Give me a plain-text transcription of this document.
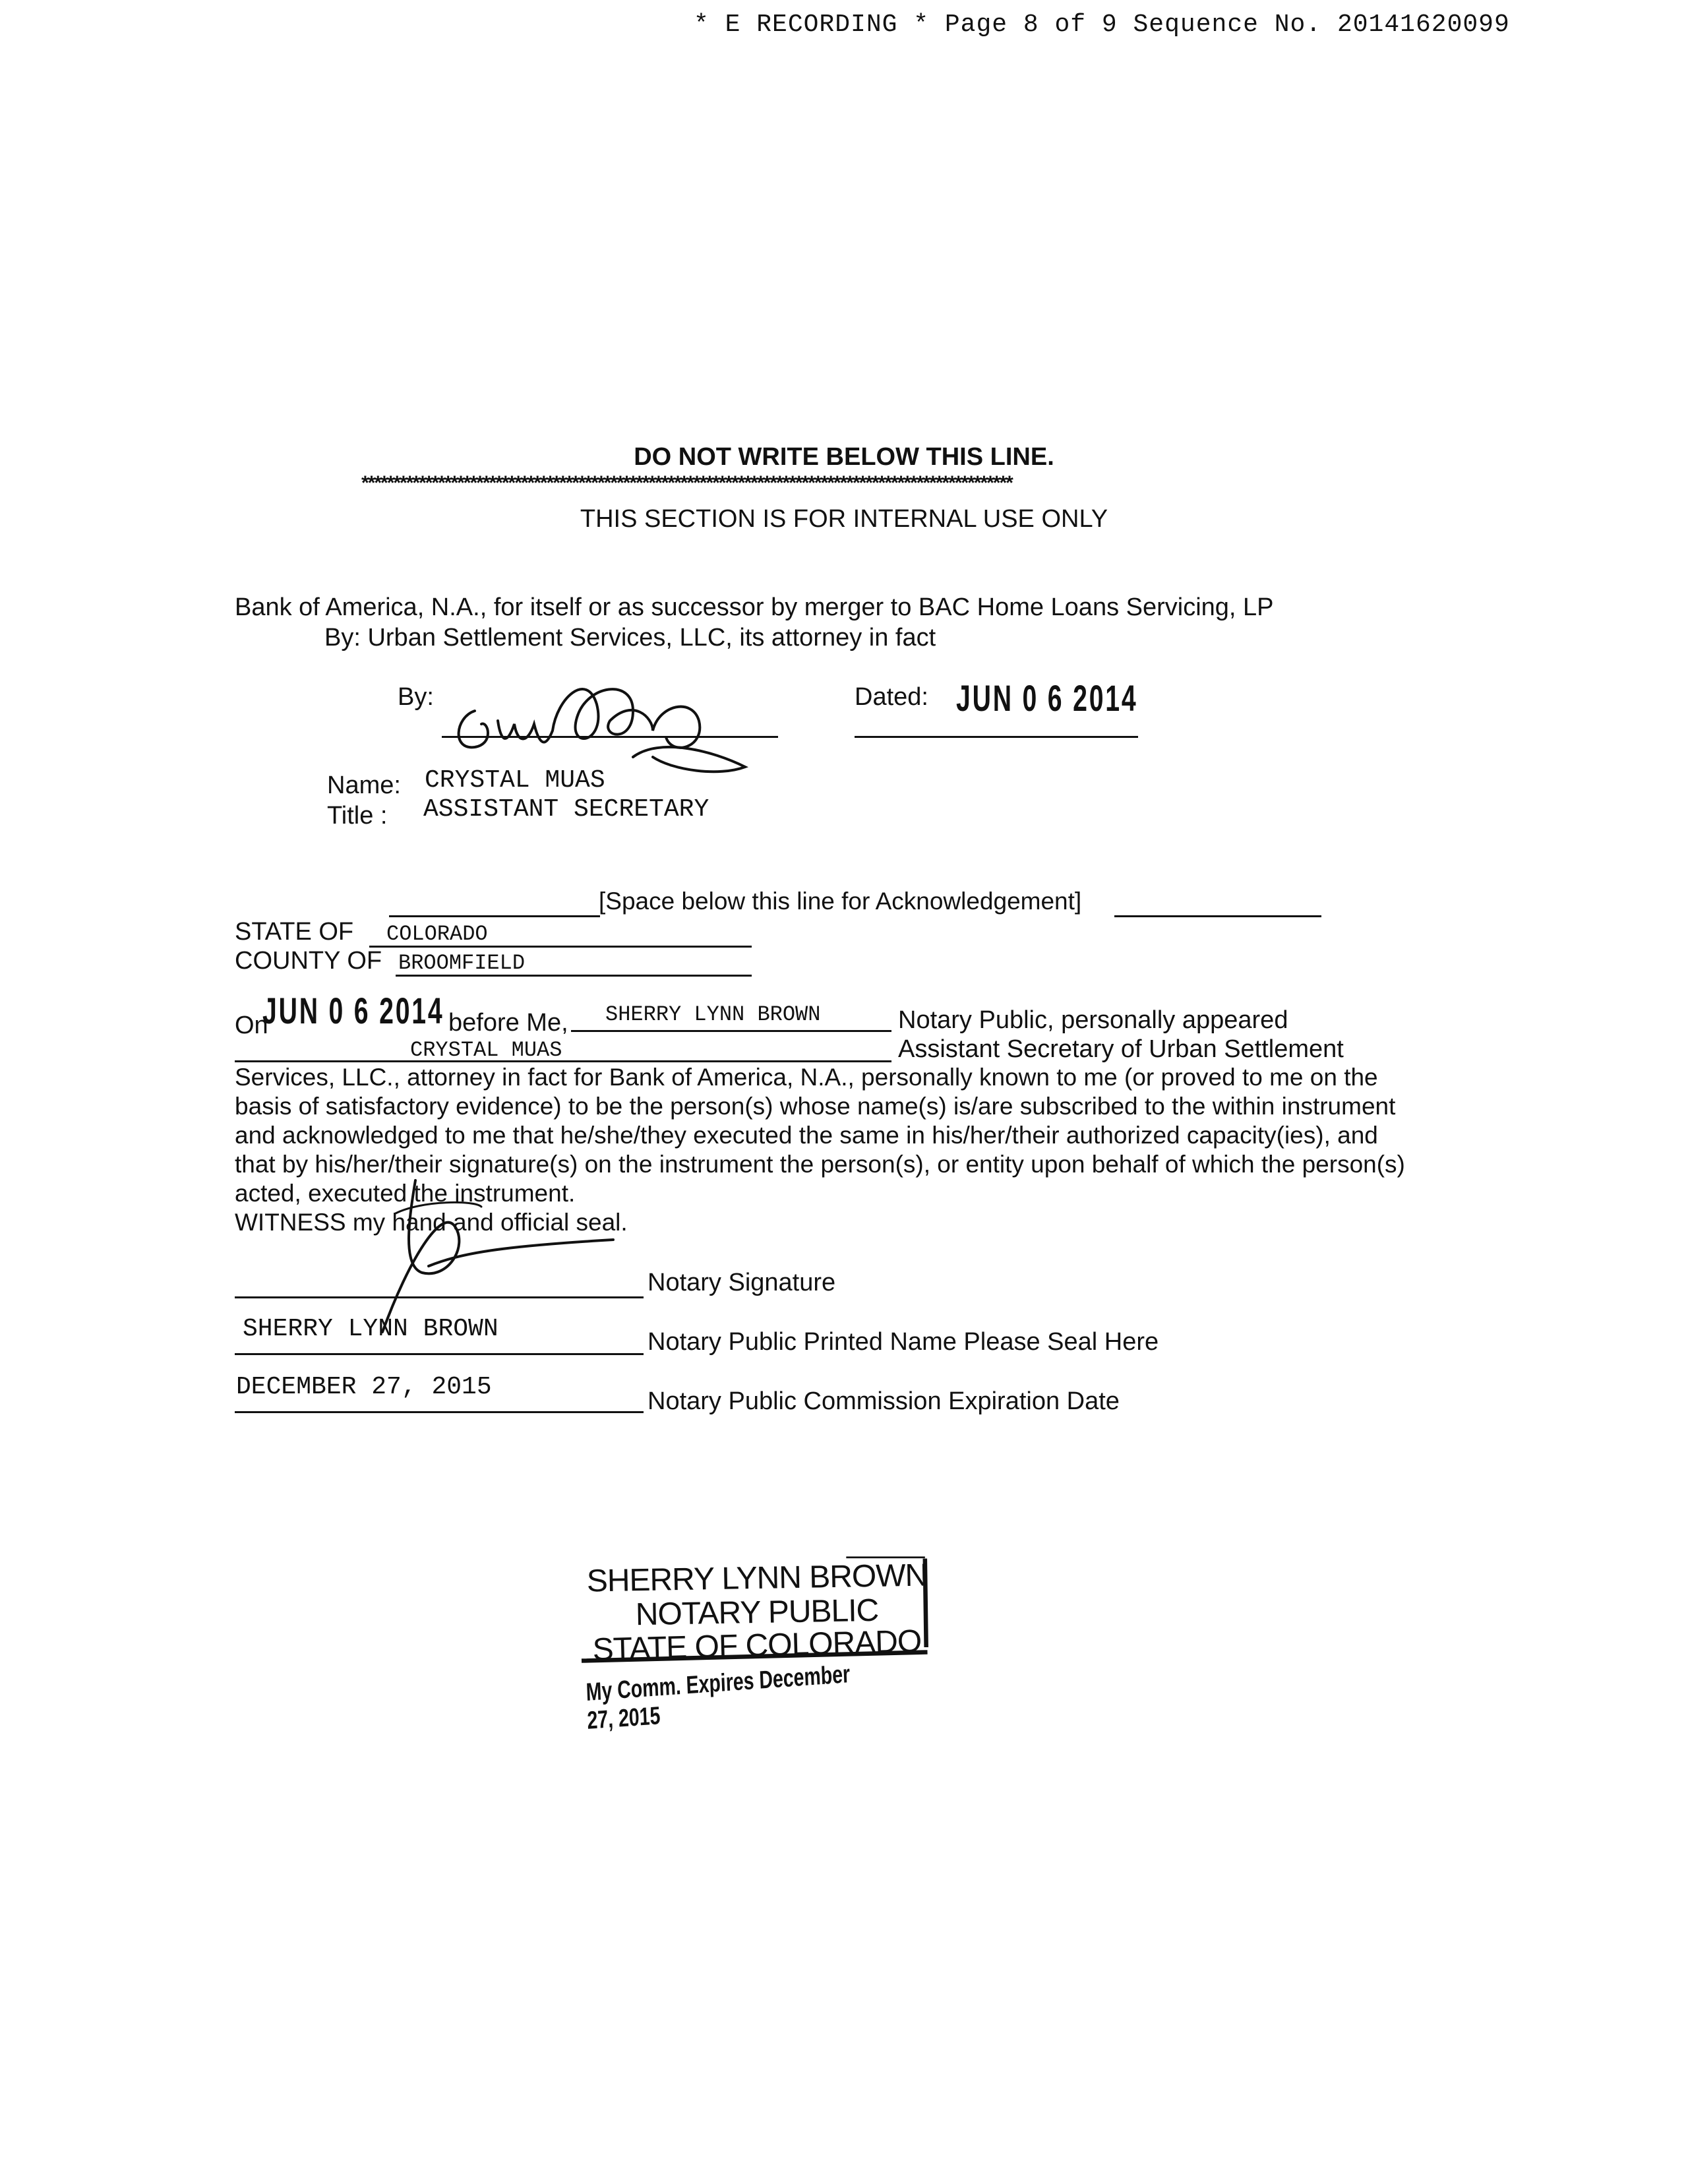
* E RECORDING * Page 8 of 9 Sequence No. 20141620099
DO NOT WRITE BELOW THIS LINE.
******************************************************************************************************
THIS SECTION IS FOR INTERNAL USE ONLY
Bank of America, N.A., for itself or as successor by merger to BAC Home Loans Servicing, LP
By: Urban Settlement Services, LLC, its attorney in fact
By:	Dated: JUN 0 6 2014
Name: CRYSTAL MUAS
Title : ASSISTANT SECRETARY
[Space below this line for Acknowledgement]
STATE OF COLORADO
COUNTY OF BROOMFIELD
On
JUN 0 6 2014 before Me, SHERRY LYNN BROWN	Notary Public, personally appeared
CRYSTAL MUAS	Assistant Secretary of Urban Settlement
Services, LLC., attorney in fact for Bank of America, N.A., personally known to me (or proved to me on the
basis of satisfactory evidence) to be the person(s) whose name(s) is/are subscribed to the within instrument
and acknowledged to me that he/she/they executed the same in his/her/their authorized capacity(ies), and
that by his/her/their signature(s) on the instrument the person(s), or entity upon behalf of which the person(s)
acted, executed the instrument.
WITNESS my hand and official seal.
Notary Signature
SHERRY LYNN BROWN	Notary Public Printed Name Please Seal Here
DECEMBER 27, 2015	Notary Public Commission Expiration Date
SHERRY LYNN BROWN
NOTARY PUBLIC
STATE OF COLORADO
My Comm. Expires December 27, 2015
